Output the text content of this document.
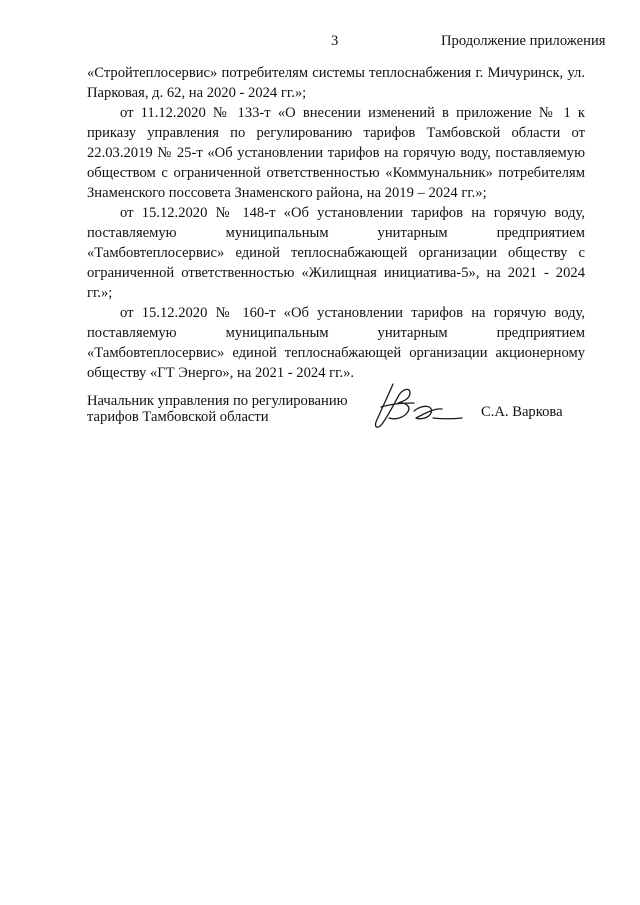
3	Продолжение приложения

«Стройтеплосервис» потребителям системы теплоснабжения г. Мичуринск, ул. Парковая, д. 62, на 2020 - 2024 гг.»;

от 11.12.2020 № 133-т «О внесении изменений в приложение № 1 к приказу управления по регулированию тарифов Тамбовской области от 22.03.2019 № 25-т «Об установлении тарифов на горячую воду, поставляемую обществом с ограниченной ответственностью «Коммунальник» потребителям Знаменского поссовета Знаменского района, на 2019 – 2024 гг.»;

от 15.12.2020 № 148-т «Об установлении тарифов на горячую воду, поставляемую муниципальным унитарным предприятием «Тамбовтеплосервис» единой теплоснабжающей организации обществу с ограниченной ответственностью «Жилищная инициатива-5», на 2021 - 2024 гг.»;

от 15.12.2020 № 160-т «Об установлении тарифов на горячую воду, поставляемую муниципальным унитарным предприятием «Тамбовтеплосервис» единой теплоснабжающей организации акционерному обществу «ГТ Энерго», на 2021 - 2024 гг.».

Начальник управления по регулированию
тарифов Тамбовской области	С.А. Варкова
